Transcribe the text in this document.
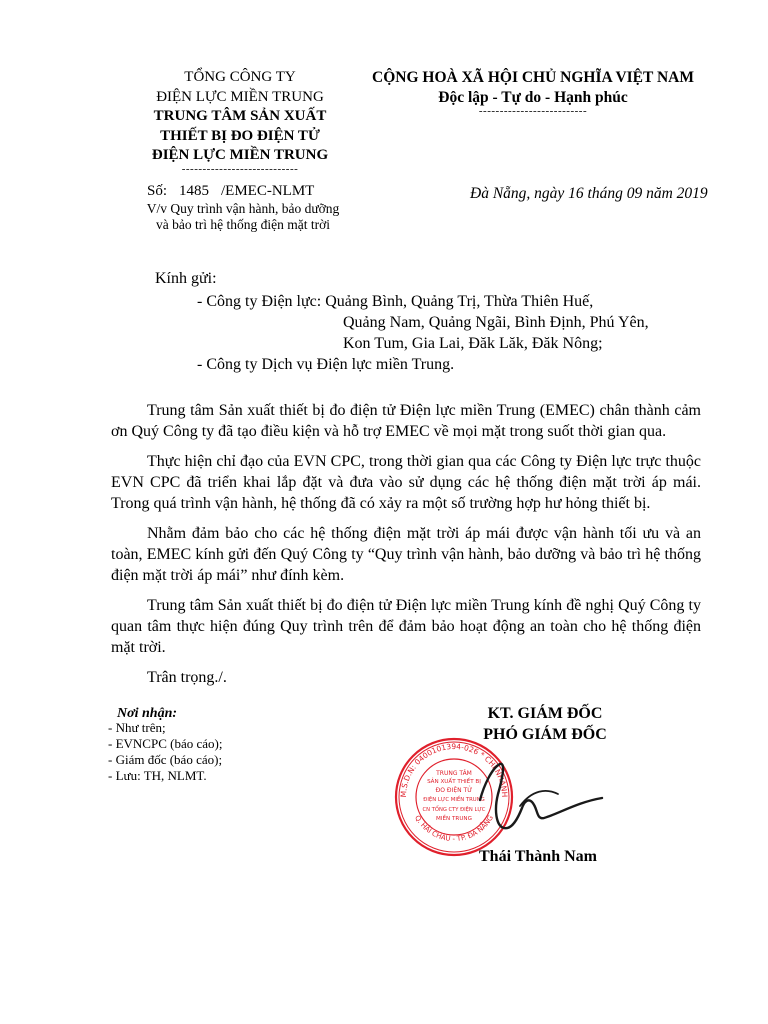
TỔNG CÔNG TY
ĐIỆN LỰC MIỀN TRUNG
TRUNG TÂM SẢN XUẤT
THIẾT BỊ ĐO ĐIỆN TỬ
ĐIỆN LỰC MIỀN TRUNG
----------------------------
CỘNG HOÀ XÃ HỘI CHỦ NGHĨA VIỆT NAM
Độc lập - Tự do - Hạnh phúc
--------------------------
Số: 1485 /EMEC-NLMT
V/v Quy trình vận hành, bảo dưỡng
và bảo trì hệ thống điện mặt trời
Đà Nẵng, ngày 16 tháng 09 năm 2019
Kính gửi:
- Công ty Điện lực: Quảng Bình, Quảng Trị, Thừa Thiên Huế,
Quảng Nam, Quảng Ngãi, Bình Định, Phú Yên,
Kon Tum, Gia Lai, Đăk Lăk, Đăk Nông;
- Công ty Dịch vụ Điện lực miền Trung.

Trung tâm Sản xuất thiết bị đo điện tử Điện lực miền Trung (EMEC) chân thành cảm ơn Quý Công ty đã tạo điều kiện và hỗ trợ EMEC về mọi mặt trong suốt thời gian qua.

Thực hiện chỉ đạo của EVN CPC, trong thời gian qua các Công ty Điện lực trực thuộc EVN CPC đã triển khai lắp đặt và đưa vào sử dụng các hệ thống điện mặt trời áp mái. Trong quá trình vận hành, hệ thống đã có xảy ra một số trường hợp hư hỏng thiết bị.

Nhằm đảm bảo cho các hệ thống điện mặt trời áp mái được vận hành tối ưu và an toàn, EMEC kính gửi đến Quý Công ty “Quy trình vận hành, bảo dưỡng và bảo trì hệ thống điện mặt trời áp mái” như đính kèm.

Trung tâm Sản xuất thiết bị đo điện tử Điện lực miền Trung kính đề nghị Quý Công ty quan tâm thực hiện đúng Quy trình trên để đảm bảo hoạt động an toàn cho hệ thống điện mặt trời.

Trân trọng./.

Nơi nhận:
- Như trên;
- EVNCPC (báo cáo);
- Giám đốc (báo cáo);
- Lưu: TH, NLMT.
KT. GIÁM ĐỐC
PHÓ GIÁM ĐỐC
M.S.D.N: 0400101394-026 * CHI NHÁNH
Q. HẢI CHÂU - TP. ĐÀ NẴNG
TRUNG TÂM
SẢN XUẤT THIẾT BỊ
ĐO ĐIỆN TỬ
ĐIỆN LỰC MIỀN TRUNG
CN TỔNG CTY ĐIỆN LỰC
MIỀN TRUNG
Thái Thành Nam
